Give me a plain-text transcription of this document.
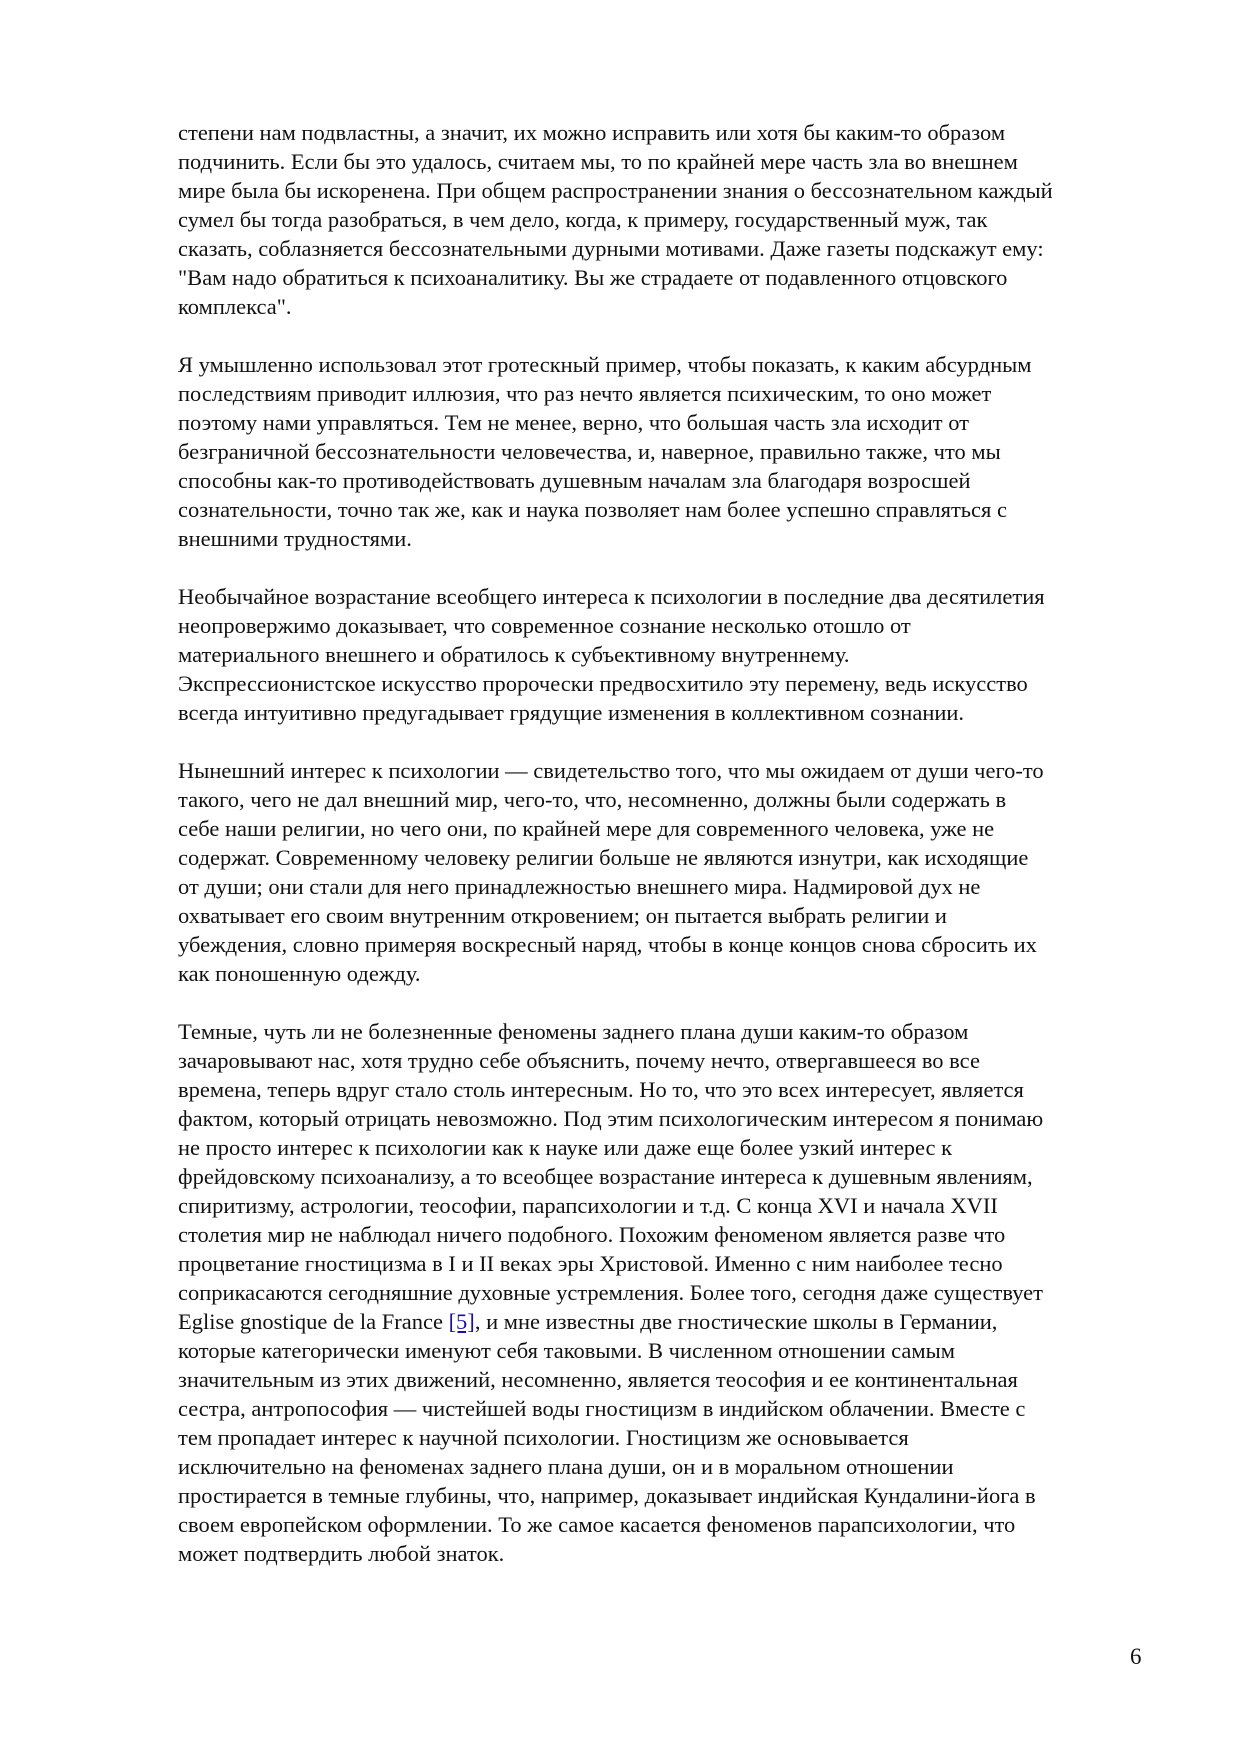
степени нам подвластны, а значит, их можно исправить или хотя бы каким-то образом
подчинить. Если бы это удалось, считаем мы, то по крайней мере часть зла во внешнем
мире была бы искоренена. При общем распространении знания о бессознательном каждый
сумел бы тогда разобраться, в чем дело, когда, к примеру, государственный муж, так
сказать, соблазняется бессознательными дурными мотивами. Даже газеты подскажут ему:
"Вам надо обратиться к психоаналитику. Вы же страдаете от подавленного отцовского
комплекса".

Я умышленно использовал этот гротескный пример, чтобы показать, к каким абсурдным
последствиям приводит иллюзия, что раз нечто является психическим, то оно может
поэтому нами управляться. Тем не менее, верно, что большая часть зла исходит от
безграничной бессознательности человечества, и, наверное, правильно также, что мы
способны как-то противодействовать душевным началам зла благодаря возросшей
сознательности, точно так же, как и наука позволяет нам более успешно справляться с
внешними трудностями.

Необычайное возрастание всеобщего интереса к психологии в последние два десятилетия
неопровержимо доказывает, что современное сознание несколько отошло от
материального внешнего и обратилось к субъективному внутреннему.
Экспрессионистское искусство пророчески предвосхитило эту перемену, ведь искусство
всегда интуитивно предугадывает грядущие изменения в коллективном сознании.

Нынешний интерес к психологии — свидетельство того, что мы ожидаем от души чего-то
такого, чего не дал внешний мир, чего-то, что, несомненно, должны были содержать в
себе наши религии, но чего они, по крайней мере для современного человека, уже не
содержат. Современному человеку религии больше не являются изнутри, как исходящие
от души; они стали для него принадлежностью внешнего мира. Надмировой дух не
охватывает его своим внутренним откровением; он пытается выбрать религии и
убеждения, словно примеряя воскресный наряд, чтобы в конце концов снова сбросить их
как поношенную одежду.

Темные, чуть ли не болезненные феномены заднего плана души каким-то образом
зачаровывают нас, хотя трудно себе объяснить, почему нечто, отвергавшееся во все
времена, теперь вдруг стало столь интересным. Но то, что это всех интересует, является
фактом, который отрицать невозможно. Под этим психологическим интересом я понимаю
не просто интерес к психологии как к науке или даже еще более узкий интерес к
фрейдовскому психоанализу, а то всеобщее возрастание интереса к душевным явлениям,
спиритизму, астрологии, теософии, парапсихологии и т.д. С конца XVI и начала XVII
столетия мир не наблюдал ничего подобного. Похожим феноменом является разве что
процветание гностицизма в I и II веках эры Христовой. Именно с ним наиболее тесно
соприкасаются сегодняшние духовные устремления. Более того, сегодня даже существует
Eglise gnostique de la France [5], и мне известны две гностические школы в Германии,
которые категорически именуют себя таковыми. В численном отношении самым
значительным из этих движений, несомненно, является теософия и ее континентальная
сестра, антропософия — чистейшей воды гностицизм в индийском облачении. Вместе с
тем пропадает интерес к научной психологии. Гностицизм же основывается
исключительно на феноменах заднего плана души, он и в моральном отношении
простирается в темные глубины, что, например, доказывает индийская Кундалини-йога в
своем европейском оформлении. То же самое касается феноменов парапсихологии, что
может подтвердить любой знаток.

6
